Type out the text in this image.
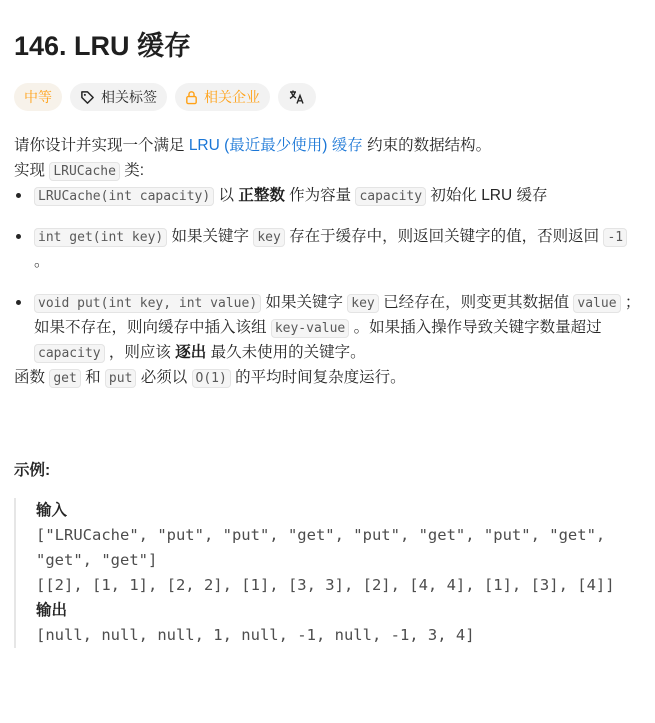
146. LRU 缓存
中等	相关标签	相关企业

请你设计并实现一个满足 LRU (最近最少使用) 缓存 约束的数据结构。

实现 LRUCache 类:

LRUCache(int capacity) 以 正整数 作为容量 capacity 初始化 LRU 缓存
int get(int key) 如果关键字 key 存在于缓存中，则返回关键字的值，否则返回 -1 。
void put(int key, int value) 如果关键字 key 已经存在，则变更其数据值 value ；如果不存在，则向缓存中插入该组 key-value 。如果插入操作导致关键字数量超过 capacity ，则应该 逐出 最久未使用的关键字。

函数 get 和 put 必须以 O(1) 的平均时间复杂度运行。

示例:
输入
["LRUCache", "put", "put", "get", "put", "get", "put", "get", "get", "get"]
[[2], [1, 1], [2, 2], [1], [3, 3], [2], [4, 4], [1], [3], [4]]
输出
[null, null, null, 1, null, -1, null, -1, 3, 4]
